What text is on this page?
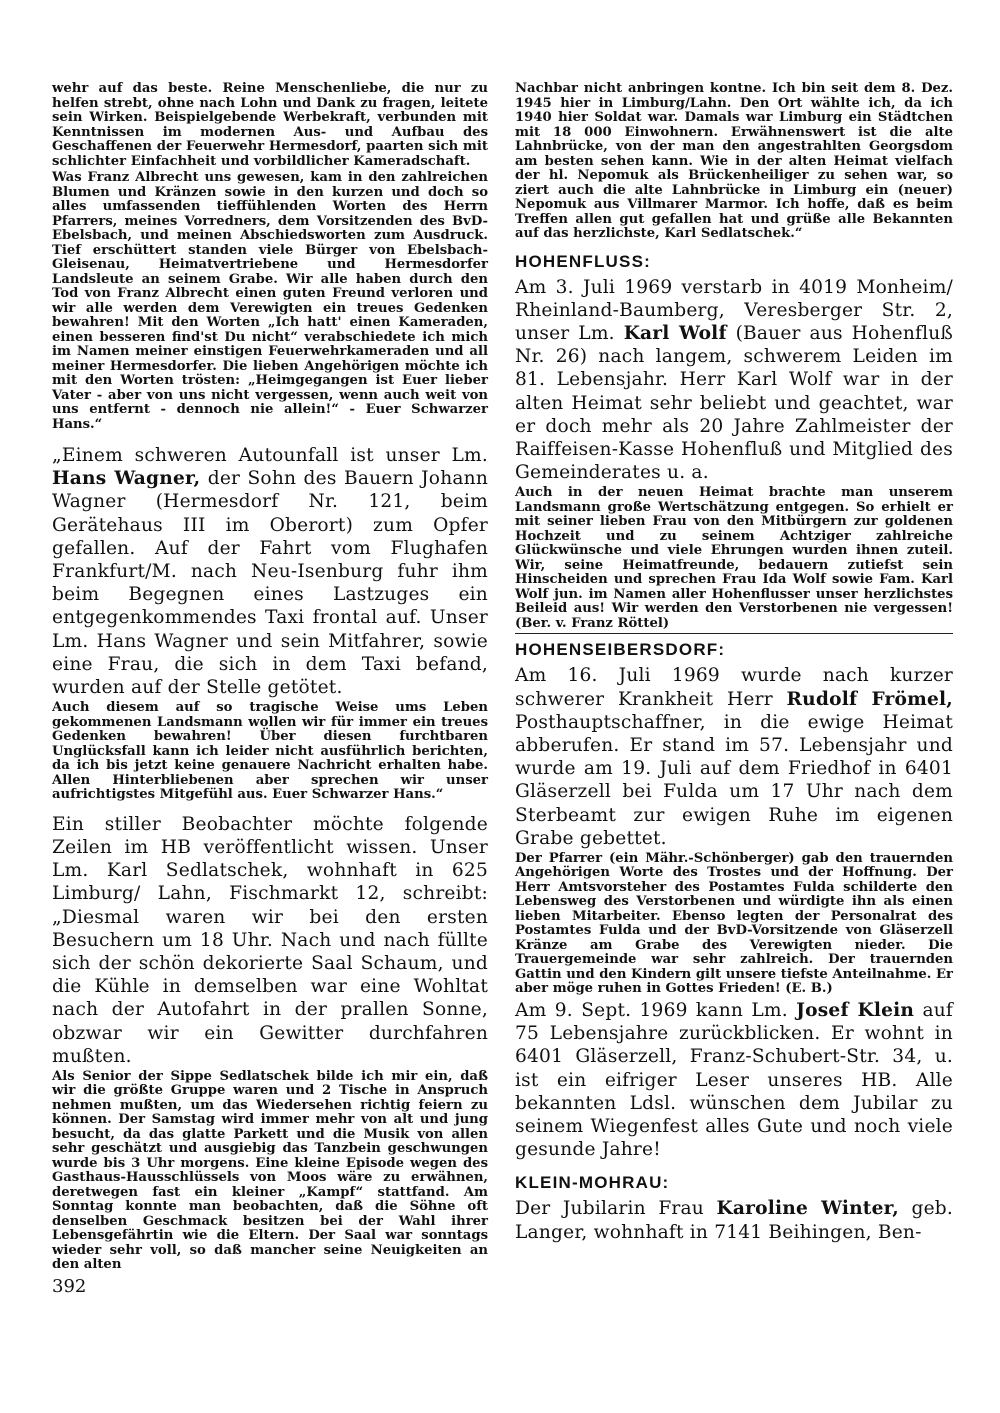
wehr auf das beste. Reine Menschenliebe, die nur zu helfen strebt, ohne nach Lohn und Dank zu fragen, leitete sein Wirken. Beispielgebende Werbekraft, verbunden mit Kenntnissen im modernen Aus- und Aufbau des Geschaffenen der Feuerwehr Hermesdorf, paarten sich mit schlichter Einfachheit und vorbildlicher Kameradschaft.

Was Franz Albrecht uns gewesen, kam in den zahlreichen Blumen und Kränzen sowie in den kurzen und doch so alles umfassenden tieffühlenden Worten des Herrn Pfarrers, meines Vorredners, dem Vorsitzenden des BvD-Ebelsbach, und meinen Abschiedsworten zum Ausdruck. Tief erschüttert standen viele Bürger von Ebelsbach-Gleisenau, Heimatvertriebene und Hermesdorfer Landsleute an seinem Grabe. Wir alle haben durch den Tod von Franz Albrecht einen guten Freund verloren und wir alle werden dem Verewigten ein treues Gedenken bewahren! Mit den Worten „Ich hatt' einen Kameraden, einen besseren find'st Du nicht“ verabschiedete ich mich im Namen meiner einstigen Feuerwehrkameraden und all meiner Hermesdorfer. Die lieben Angehörigen möchte ich mit den Worten trösten: „Heimgegangen ist Euer lieber Vater - aber von uns nicht vergessen, wenn auch weit von uns entfernt - dennoch nie allein!“ - Euer Schwarzer Hans.“

„Einem schweren Autounfall ist unser Lm. Hans Wagner, der Sohn des Bauern Johann Wagner (Hermesdorf Nr. 121, beim Gerätehaus III im Oberort) zum Opfer gefallen. Auf der Fahrt vom Flughafen Frankfurt/M. nach Neu-Isenburg fuhr ihm beim Begegnen eines Lastzuges ein entgegenkommendes Taxi frontal auf. Unser Lm. Hans Wagner und sein Mitfahrer, sowie eine Frau, die sich in dem Taxi befand, wurden auf der Stelle getötet.

Auch diesem auf so tragische Weise ums Leben gekommenen Landsmann wollen wir für immer ein treues Gedenken bewahren! Über diesen furchtbaren Unglücksfall kann ich leider nicht ausführlich berichten, da ich bis jetzt keine genauere Nachricht erhalten habe. Allen Hinterbliebenen aber sprechen wir unser aufrichtigstes Mitgefühl aus. Euer Schwarzer Hans.“

Ein stiller Beobachter möchte folgende Zeilen im HB veröffentlicht wissen. Unser Lm. Karl Sedlatschek, wohnhaft in 625 Limburg/ Lahn, Fischmarkt 12, schreibt: „Diesmal waren wir bei den ersten Besuchern um 18 Uhr. Nach und nach füllte sich der schön dekorierte Saal Schaum, und die Kühle in demselben war eine Wohltat nach der Autofahrt in der prallen Sonne, obzwar wir ein Gewitter durchfahren mußten.

Als Senior der Sippe Sedlatschek bilde ich mir ein, daß wir die größte Gruppe waren und 2 Tische in Anspruch nehmen mußten, um das Wiedersehen richtig feiern zu können. Der Samstag wird immer mehr von alt und jung besucht, da das glatte Parkett und die Musik von allen sehr geschätzt und ausgiebig das Tanzbein geschwungen wurde bis 3 Uhr morgens. Eine kleine Episode wegen des Gasthaus-Hausschlüssels von Moos wäre zu erwähnen, deretwegen fast ein kleiner „Kampf“ stattfand. Am Sonntag konnte man beobachten, daß die Söhne oft denselben Geschmack besitzen bei der Wahl ihrer Lebensgefährtin wie die Eltern. Der Saal war sonntags wieder sehr voll, so daß mancher seine Neuigkeiten an den alten

Nachbar nicht anbringen kontne. Ich bin seit dem 8. Dez. 1945 hier in Limburg/Lahn. Den Ort wählte ich, da ich 1940 hier Soldat war. Damals war Limburg ein Städtchen mit 18 000 Einwohnern. Erwähnenswert ist die alte Lahnbrücke, von der man den angestrahlten Georgsdom am besten sehen kann. Wie in der alten Heimat vielfach der hl. Nepomuk als Brückenheiliger zu sehen war, so ziert auch die alte Lahnbrücke in Limburg ein (neuer) Nepomuk aus Villmarer Marmor. Ich hoffe, daß es beim Treffen allen gut gefallen hat und grüße alle Bekannten auf das herzlichste, Karl Sedlatschek.“

HOHENFLUSS:

Am 3. Juli 1969 verstarb in 4019 Monheim/ Rheinland-Baumberg, Veresberger Str. 2, unser Lm. Karl Wolf (Bauer aus Hohenfluß Nr. 26) nach langem, schwerem Leiden im 81. Lebensjahr. Herr Karl Wolf war in der alten Heimat sehr beliebt und geachtet, war er doch mehr als 20 Jahre Zahlmeister der Raiffeisen-Kasse Hohenfluß und Mitglied des Gemeinderates u. a.

Auch in der neuen Heimat brachte man unserem Landsmann große Wertschätzung entgegen. So erhielt er mit seiner lieben Frau von den Mitbürgern zur goldenen Hochzeit und zu seinem Achtziger zahlreiche Glückwünsche und viele Ehrungen wurden ihnen zuteil. Wir, seine Heimatfreunde, bedauern zutiefst sein Hinscheiden und sprechen Frau Ida Wolf sowie Fam. Karl Wolf jun. im Namen aller Hohenflusser unser herzlichstes Beileid aus! Wir werden den Verstorbenen nie vergessen! (Ber. v. Franz Röttel)

HOHENSEIBERSDORF:

Am 16. Juli 1969 wurde nach kurzer schwerer Krankheit Herr Rudolf Frömel, Posthauptschaffner, in die ewige Heimat abberufen. Er stand im 57. Lebensjahr und wurde am 19. Juli auf dem Friedhof in 6401 Gläserzell bei Fulda um 17 Uhr nach dem Sterbeamt zur ewigen Ruhe im eigenen Grabe gebettet.

Der Pfarrer (ein Mähr.-Schönberger) gab den trauernden Angehörigen Worte des Trostes und der Hoffnung. Der Herr Amtsvorsteher des Postamtes Fulda schilderte den Lebensweg des Verstorbenen und würdigte ihn als einen lieben Mitarbeiter. Ebenso legten der Personalrat des Postamtes Fulda und der BvD-Vorsitzende von Gläserzell Kränze am Grabe des Verewigten nieder. Die Trauergemeinde war sehr zahlreich. Der trauernden Gattin und den Kindern gilt unsere tiefste Anteilnahme. Er aber möge ruhen in Gottes Frieden! (E. B.)

Am 9. Sept. 1969 kann Lm. Josef Klein auf 75 Lebensjahre zurückblicken. Er wohnt in 6401 Gläserzell, Franz-Schubert-Str. 34, u. ist ein eifriger Leser unseres HB. Alle bekannten Ldsl. wünschen dem Jubilar zu seinem Wiegenfest alles Gute und noch viele gesunde Jahre!

KLEIN-MOHRAU:

Der Jubilarin Frau Karoline Winter, geb. Langer, wohnhaft in 7141 Beihingen, Ben-

392
